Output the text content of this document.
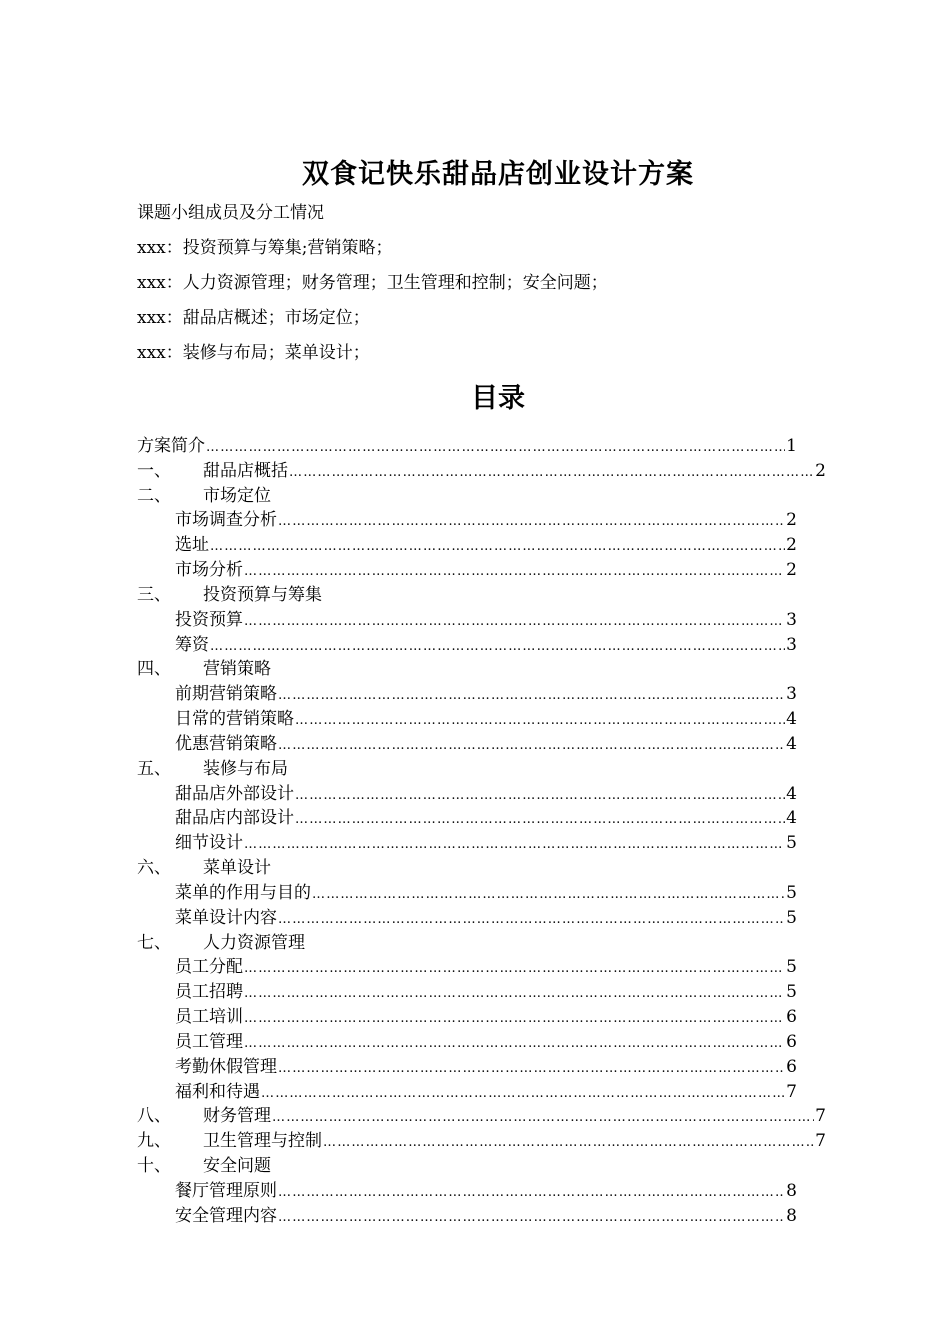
双食记快乐甜品店创业设计方案
课题小组成员及分工情况
xxx：投资预算与筹集;营销策略；
xxx：人力资源管理；财务管理；卫生管理和控制；安全问题；
xxx：甜品店概述；市场定位；
xxx：装修与布局；菜单设计；
目录
方案简介 ……………………………………………………………………………………………………………………………………………………………………………	1
一、 甜品店概括 ……………………………………………………………………………………………………………………………………………………………………………	2
二、 市场定位
市场调查分析 ……………………………………………………………………………………………………………………………………………………………………………	2
选址 ……………………………………………………………………………………………………………………………………………………………………………	2
市场分析 ……………………………………………………………………………………………………………………………………………………………………………	2
三、 投资预算与筹集
投资预算 ……………………………………………………………………………………………………………………………………………………………………………	3
筹资 ……………………………………………………………………………………………………………………………………………………………………………	3
四、 营销策略
前期营销策略 ……………………………………………………………………………………………………………………………………………………………………………	3
日常的营销策略 ……………………………………………………………………………………………………………………………………………………………………………	4
优惠营销策略 ……………………………………………………………………………………………………………………………………………………………………………	4
五、 装修与布局
甜品店外部设计 ……………………………………………………………………………………………………………………………………………………………………………	4
甜品店内部设计 ……………………………………………………………………………………………………………………………………………………………………………	4
细节设计 ……………………………………………………………………………………………………………………………………………………………………………	5
六、 菜单设计
菜单的作用与目的 ……………………………………………………………………………………………………………………………………………………………………………	5
菜单设计内容 ……………………………………………………………………………………………………………………………………………………………………………	5
七、 人力资源管理
员工分配 ……………………………………………………………………………………………………………………………………………………………………………	5
员工招聘 ……………………………………………………………………………………………………………………………………………………………………………	5
员工培训 ……………………………………………………………………………………………………………………………………………………………………………	6
员工管理 ……………………………………………………………………………………………………………………………………………………………………………	6
考勤休假管理 ……………………………………………………………………………………………………………………………………………………………………………	6
福利和待遇 ……………………………………………………………………………………………………………………………………………………………………………	7
八、 财务管理 ……………………………………………………………………………………………………………………………………………………………………………	7
九、 卫生管理与控制 ……………………………………………………………………………………………………………………………………………………………………………	7
十、 安全问题
餐厅管理原则 ……………………………………………………………………………………………………………………………………………………………………………	8
安全管理内容 ……………………………………………………………………………………………………………………………………………………………………………	8
